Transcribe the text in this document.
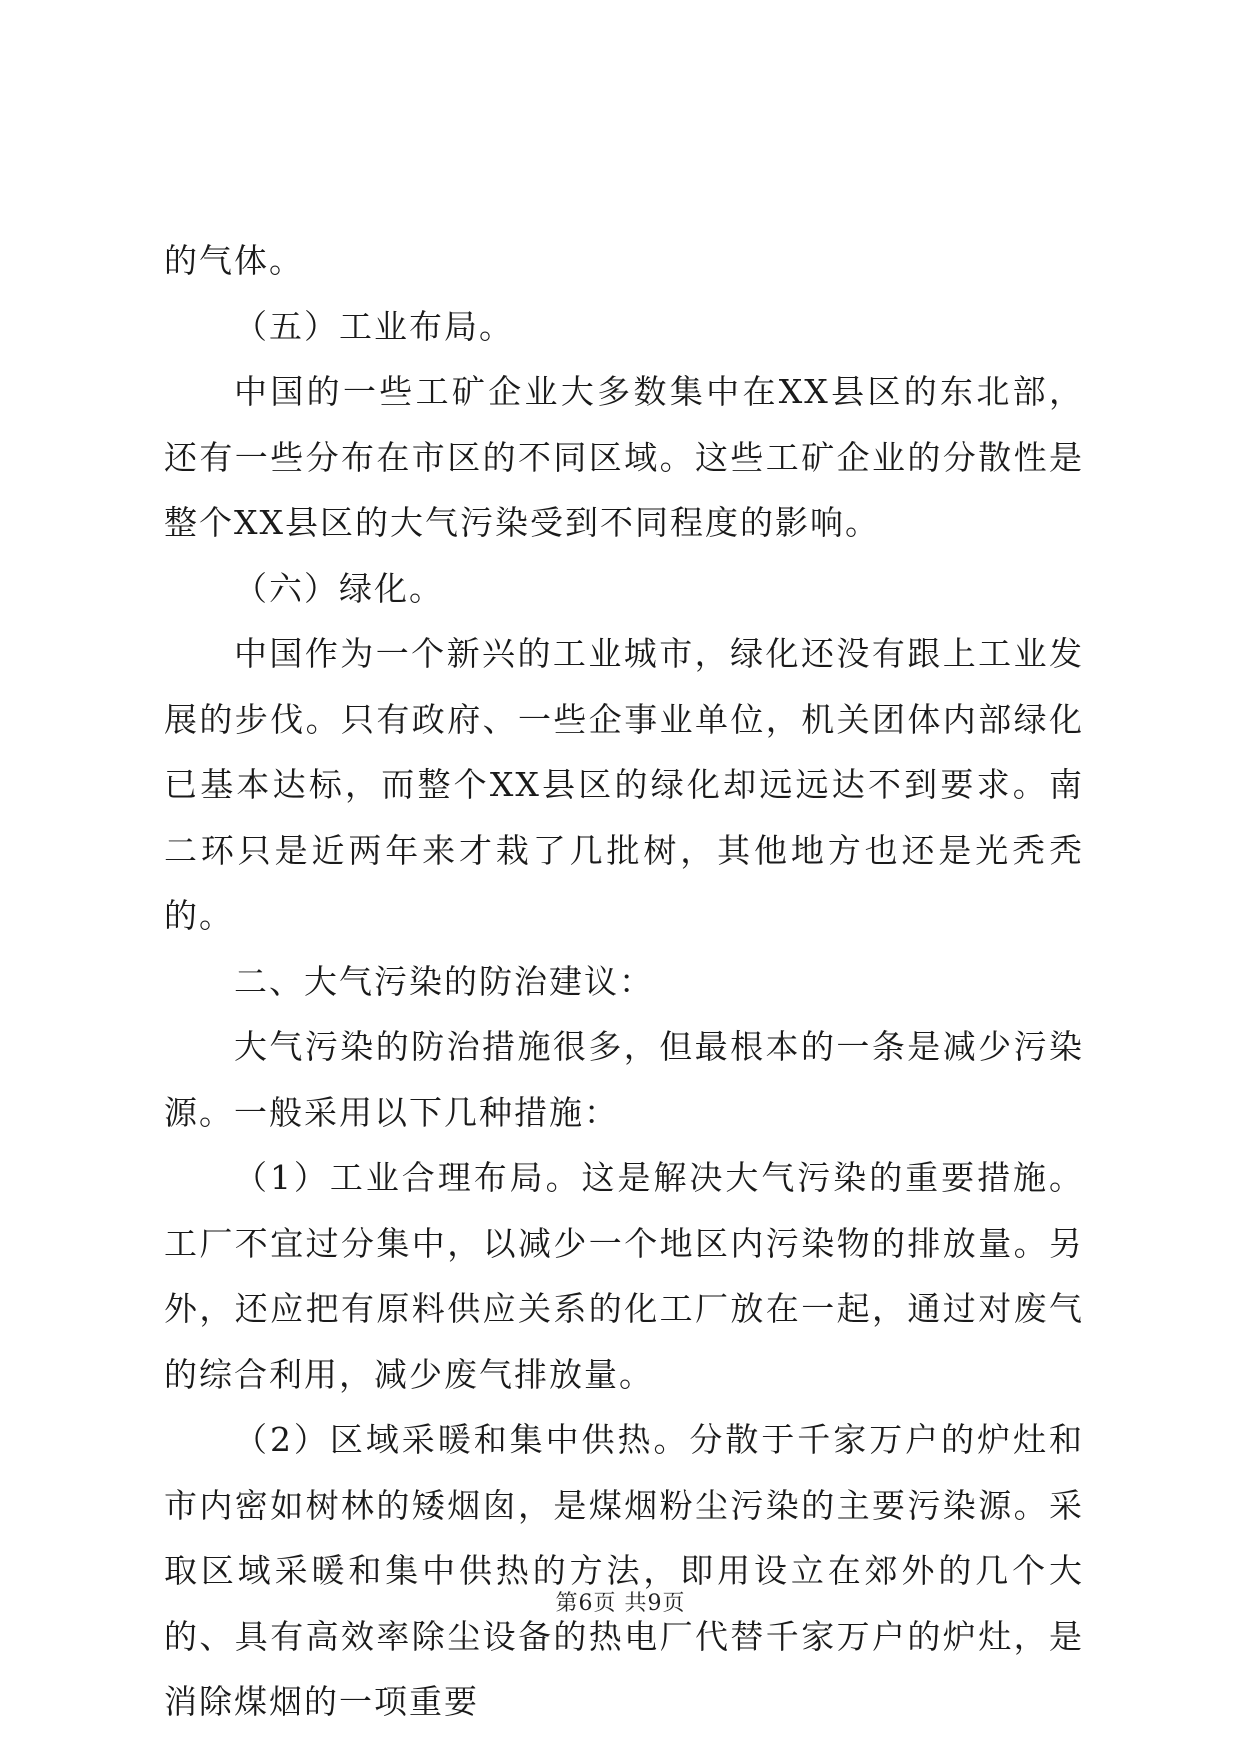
的气体。

（五）工业布局。

中国的一些工矿企业大多数集中在XX县区的东北部，还有一些分布在市区的不同区域。这些工矿企业的分散性是整个XX县区的大气污染受到不同程度的影响。

（六）绿化。

中国作为一个新兴的工业城市，绿化还没有跟上工业发展的步伐。只有政府、一些企事业单位，机关团体内部绿化已基本达标，而整个XX县区的绿化却远远达不到要求。南二环只是近两年来才栽了几批树，其他地方也还是光秃秃的。

二、大气污染的防治建议：

大气污染的防治措施很多，但最根本的一条是减少污染源。一般采用以下几种措施：

（1）工业合理布局。这是解决大气污染的重要措施。工厂不宜过分集中，以减少一个地区内污染物的排放量。另外，还应把有原料供应关系的化工厂放在一起，通过对废气的综合利用，减少废气排放量。

（2）区域采暖和集中供热。分散于千家万户的炉灶和市内密如树林的矮烟囱，是煤烟粉尘污染的主要污染源。采取区域采暖和集中供热的方法，即用设立在郊外的几个大的、具有高效率除尘设备的热电厂代替千家万户的炉灶，是消除煤烟的一项重要

第6页 共9页
